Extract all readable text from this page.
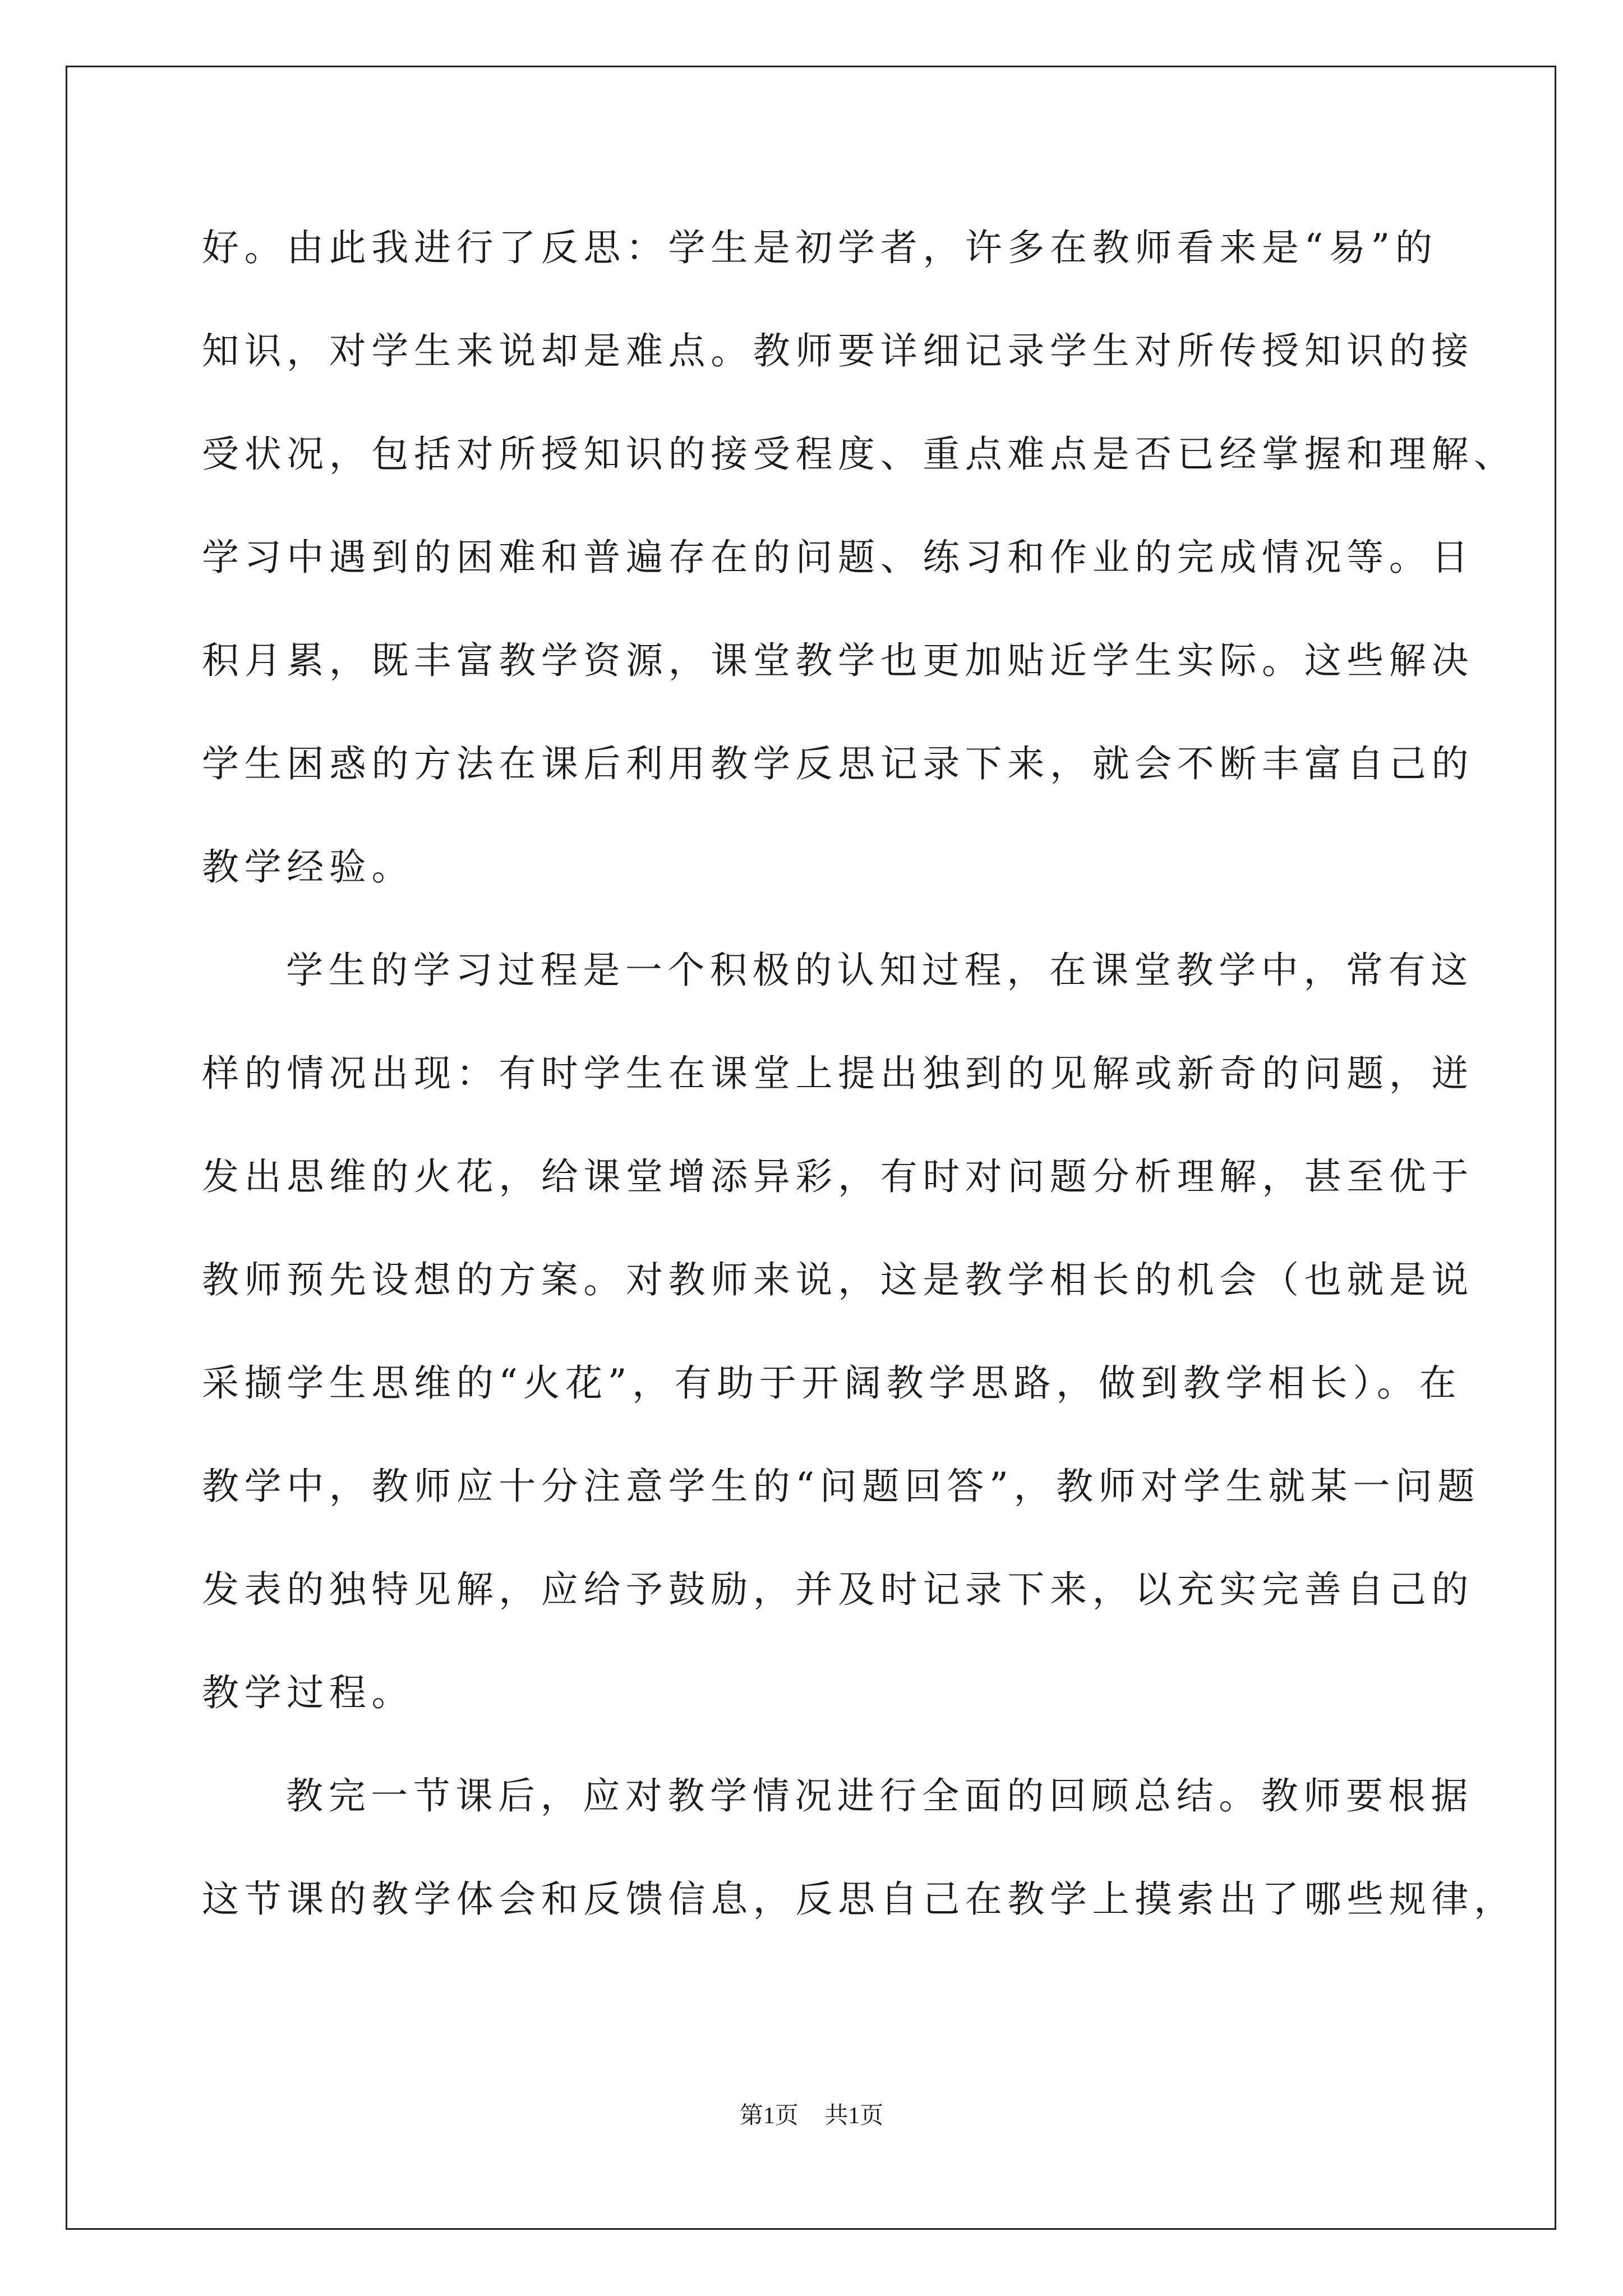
好。由此我进行了反思：学生是初学者，许多在教师看来是“易”的
知识，对学生来说却是难点。教师要详细记录学生对所传授知识的接
受状况，包括对所授知识的接受程度、重点难点是否已经掌握和理解、
学习中遇到的困难和普遍存在的问题、练习和作业的完成情况等。日
积月累，既丰富教学资源，课堂教学也更加贴近学生实际。这些解决
学生困惑的方法在课后利用教学反思记录下来，就会不断丰富自己的
教学经验。
学生的学习过程是一个积极的认知过程，在课堂教学中，常有这
样的情况出现：有时学生在课堂上提出独到的见解或新奇的问题，迸
发出思维的火花，给课堂增添异彩，有时对问题分析理解，甚至优于
教师预先设想的方案。对教师来说，这是教学相长的机会（也就是说
采撷学生思维的“火花”，有助于开阔教学思路，做到教学相长）。在
教学中，教师应十分注意学生的“问题回答”，教师对学生就某一问题
发表的独特见解，应给予鼓励，并及时记录下来，以充实完善自己的
教学过程。
教完一节课后，应对教学情况进行全面的回顾总结。教师要根据
这节课的教学体会和反馈信息，反思自己在教学上摸索出了哪些规律，
第1页 共1页
